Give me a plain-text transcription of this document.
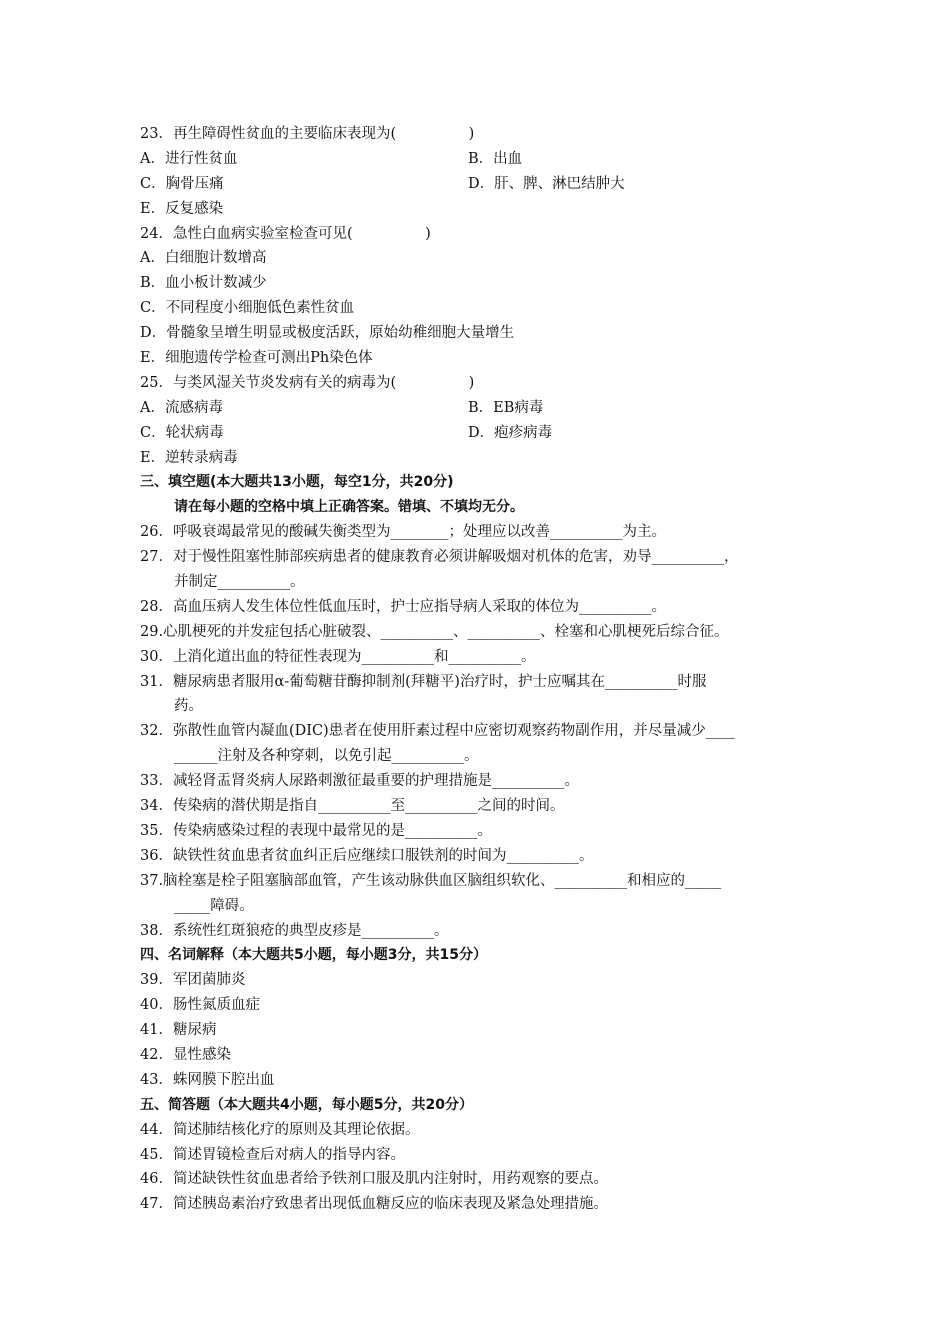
23．再生障碍性贫血的主要临床表现为(　　　　　)
A．进行性贫血	B．出血
C．胸骨压痛	D．肝、脾、淋巴结肿大
E．反复感染
24．急性白血病实验室检查可见(　　　　　)
A．白细胞计数增高
B．血小板计数减少
C．不同程度小细胞低色素性贫血
D．骨髓象呈增生明显或极度活跃，原始幼稚细胞大量增生
E．细胞遗传学检查可测出Ph染色体
25．与类风湿关节炎发病有关的病毒为(　　　　　)
A．流感病毒	B．EB病毒
C．轮状病毒	D．疱疹病毒
E．逆转录病毒
三、填空题(本大题共13小题，每空1分，共20分)
请在每小题的空格中填上正确答案。错填、不填均无分。
26．呼吸衰竭最常见的酸碱失衡类型为________；处理应以改善__________为主。
27．对于慢性阻塞性肺部疾病患者的健康教育必须讲解吸烟对机体的危害，劝导__________，
并制定__________。
28．高血压病人发生体位性低血压时，护士应指导病人采取的体位为__________。
29.心肌梗死的并发症包括心脏破裂、__________、__________、栓塞和心肌梗死后综合征。
30．上消化道出血的特征性表现为__________和__________。
31．糖尿病患者服用α-葡萄糖苷酶抑制剂(拜糖平)治疗时，护士应嘱其在__________时服
药。
32．弥散性血管内凝血(DIC)患者在使用肝素过程中应密切观察药物副作用，并尽量减少____
______注射及各种穿刺，以免引起__________。
33．减轻肾盂肾炎病人尿路刺激征最重要的护理措施是__________。
34．传染病的潜伏期是指自__________至__________之间的时间。
35．传染病感染过程的表现中最常见的是__________。
36．缺铁性贫血患者贫血纠正后应继续口服铁剂的时间为__________。
37.脑栓塞是栓子阻塞脑部血管，产生该动脉供血区脑组织软化、__________和相应的_____
_____障碍。
38．系统性红斑狼疮的典型皮疹是__________。
四、名词解释（本大题共5小题，每小题3分，共15分）
39．军团菌肺炎
40．肠性氮质血症
41．糖尿病
42．显性感染
43．蛛网膜下腔出血
五、简答题（本大题共4小题，每小题5分，共20分）
44．简述肺结核化疗的原则及其理论依据。
45．简述胃镜检查后对病人的指导内容。
46．简述缺铁性贫血患者给予铁剂口服及肌内注射时，用药观察的要点。
47．简述胰岛素治疗致患者出现低血糖反应的临床表现及紧急处理措施。
